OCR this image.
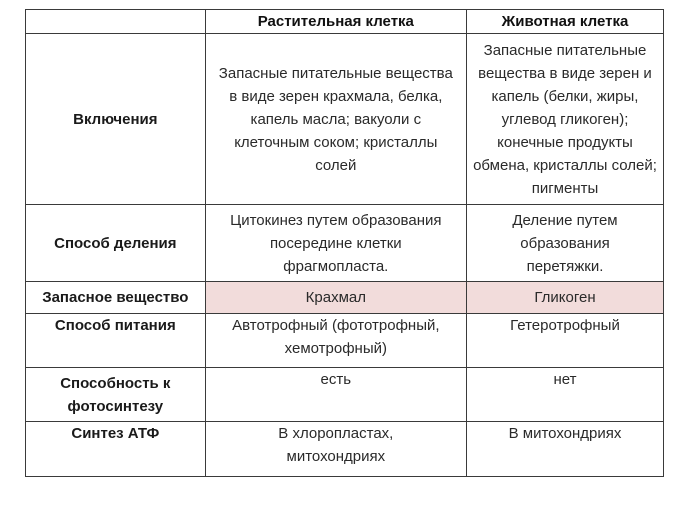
	Растительная клетка	Животная клетка
Включения	Запасные питательные вещества в виде зерен крахмала, белка, капель масла; вакуоли с клеточным соком; кристаллы солей	Запасные питательные вещества в виде зерен и капель (белки, жиры, углевод гликоген); конечные продукты обмена, кристаллы солей; пигменты
Способ деления	Цитокинез путем образования посередине клетки фрагмопласта.	Деление путем образования перетяжки.
Запасное вещество	Крахмал	Гликоген
Способ питания	Автотрофный (фототрофный, хемотрофный)	Гетеротрофный
Способность к фотосинтезу	есть	нет
Синтез АТФ	В хлоропластах, митохондриях	В митохондриях
